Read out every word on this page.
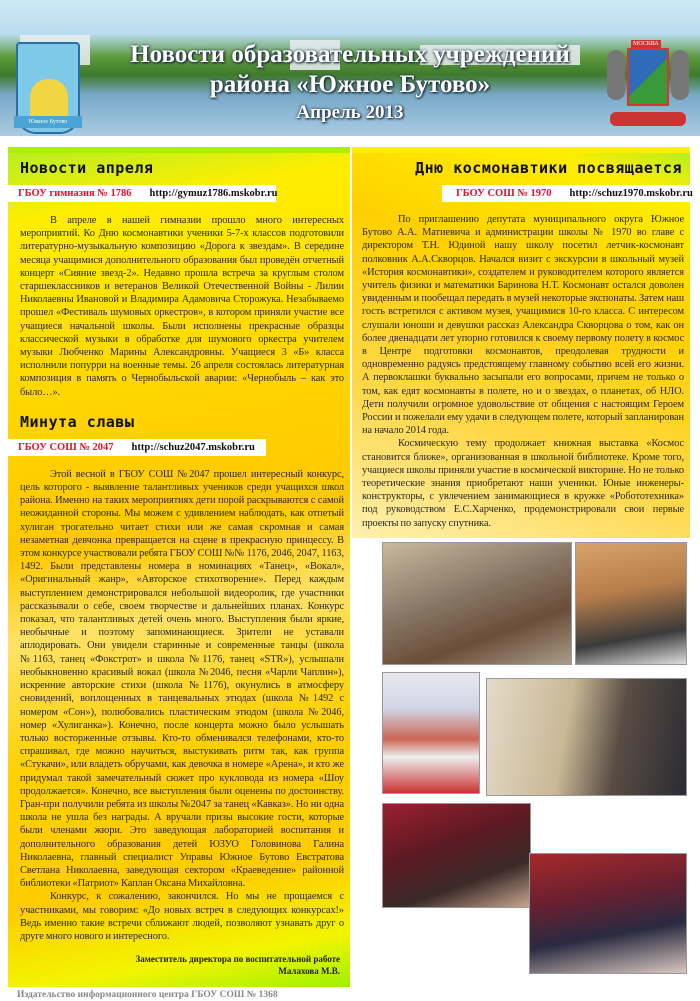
Южное Бутово
Новости образовательных учреждений
района «Южное Бутово»
Апрель 2013
МОСКВА
Новости апреля
ГБОУ гимназия № 1786 http://gymuz1786.mskobr.ru

В апреле в нашей гимназии прошло много интересных мероприятий. Ко Дню космонавтики ученики 5-7-х классов подготовили литературно-музыкальную композицию «Дорога к звездам». В середине месяца учащимися дополнительного образования был проведён отчетный концерт «Сияние звезд-2». Недавно прошла встреча за круглым столом старшеклассников и ветеранов Великой Отечественной Войны - Лилии Николаевны Ивановой и Владимира Адамовича Сторожука. Незабываемо прошел «Фестиваль шумовых оркестров», в котором приняли участие все учащиеся начальной школы. Были исполнены прекрасные образцы классической музыки в обработке для шумового оркестра учителем музыки Любченко Марины Александровны. Учащиеся 3 «Б» класса исполнили попурри на военные темы. 26 апреля состоялась литературная композиция в память о Чернобыльской аварии: «Чернобыль – как это было…».

Минута славы
ГБОУ СОШ № 2047 http://schuz2047.mskobr.ru

Этой весной в ГБОУ СОШ №2047 прошел интересный конкурс, цель которого - выявление талантливых учеников среди учащихся школ района. Именно на таких мероприятиях дети порой раскрываются с самой неожиданной стороны. Мы можем с удивлением наблюдать, как отпетый хулиган трогательно читает стихи или же самая скромная и самая незаметная девчонка превращается на сцене в прекрасную принцессу. В этом конкурсе участвовали ребята ГБОУ СОШ №№ 1176, 2046, 2047, 1163, 1492. Были представлены номера в номинациях «Танец», «Вокал», «Оригинальный жанр», «Авторское стихотворение». Перед каждым выступлением демонстрировался небольшой видеоролик, где участники рассказывали о себе, своем творчестве и дальнейших планах. Конкурс показал, что талантливых детей очень много. Выступления были яркие, необычные и поэтому запоминающиеся. Зрители не уставали аплодировать. Они увидели старинные и современные танцы (школа №1163, танец «Фокстрот» и школа №1176, танец «STR»), услышали необыкновенно красивый вокал (школа №2046, песня «Чарли Чаплин»), искренние авторские стихи (школа №1176), окунулись в атмосферу сновидений, воплощенных в танцевальных этюдах (школа №1492 с номером «Сон»), полюбовались пластическим этюдом (школа №2046, номер «Хулиганка»). Конечно, после концерта можно было услышать только восторженные отзывы. Кто-то обменивался телефонами, кто-то спрашивал, где можно научиться, выстукивать ритм так, как группа «Стукачи», или владеть обручами, как девочка в номере «Арена», и кто же придумал такой замечательный сюжет про кукловода из номера «Шоу продолжается». Конечно, все выступления были оценены по достоинству. Гран-при получили ребята из школы №2047 за танец «Кавказ». Но ни одна школа не ушла без награды. А вручали призы высокие гости, которые были членами жюри. Это заведующая лабораторией воспитания и дополнительного образования детей ЮЗУО Головинова Галина Николаевна, главный специалист Управы Южное Бутово Евстратова Светлана Николаевна, заведующая сектором «Краеведение» районной библиотеки «Патриот» Каплан Оксана Михайловна.

Конкурс, к сожалению, закончился. Но мы не прощаемся с участниками, мы говорим: «До новых встреч в следующих конкурсах!» Ведь именно такие встречи сближают людей, позволяют узнавать друг о друге много нового и интересного.

Заместитель директора по воспитательной работе
Малахова М.В.
Издательство информационного центра ГБОУ СОШ № 1368
Дню космонавтики посвящается
ГБОУ СОШ № 1970 http://schuz1970.mskobr.ru

По приглашению депутата муниципального округа Южное Бутово А.А. Матиевича и администрации школы № 1970 во главе с директором Т.Н. Юдиной нашу школу посетил летчик-космонавт полковник А.А.Скворцов. Начался визит с экскурсии в школьный музей «История космонавтики», создателем и руководителем которого является учитель физики и математики Баринова Н.Т. Космонавт остался доволен увиденным и пообещал передать в музей некоторые экспонаты. Затем наш гость встретился с активом музея, учащимися 10-го класса. С интересом слушали юноши и девушки рассказ Александра Скворцова о том, как он более двенадцати лет упорно готовился к своему первому полету в космос в Центре подготовки космонавтов, преодолевая трудности и одновременно радуясь предстоящему главному событию всей его жизни. А первоклашки буквально засыпали его вопросами, причем не только о том, как едят космонавты в полете, но и о звездах, о планетах, об НЛО. Дети получили огромное удовольствие от общения с настоящим Героем России и пожелали ему удачи в следующем полете, который запланирован на начало 2014 года.

Космическую тему продолжает книжная выставка «Космос становится ближе», организованная в школьной библиотеке. Кроме того, учащиеся школы приняли участие в космической викторине. Но не только теоретические знания приобретают наши ученики. Юные инженеры-конструкторы, с увлечением занимающиеся в кружке «Робототехника» под руководством Е.С.Харченко, продемонстрировали свои первые проекты по запуску спутника.
